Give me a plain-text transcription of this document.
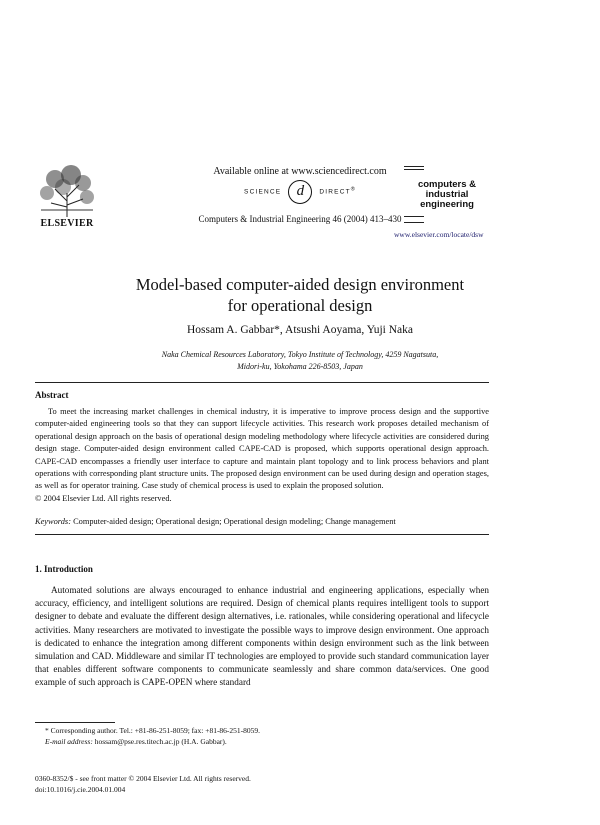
ELSEVIER
Available online at www.sciencedirect.com
SCIENCE d DIRECT®
Computers & Industrial Engineering 46 (2004) 413–430
computers &
industrial
engineering
www.elsevier.com/locate/dsw
Model-based computer-aided design environment
for operational design
Hossam A. Gabbar*, Atsushi Aoyama, Yuji Naka
Naka Chemical Resources Laboratory, Tokyo Institute of Technology, 4259 Nagatsuta,
Midori-ku, Yokohama 226-8503, Japan
Abstract
To meet the increasing market challenges in chemical industry, it is imperative to improve process design and the supportive computer-aided engineering tools so that they can support lifecycle activities. This research work proposes detailed mechanism of operational design approach on the basis of operational design modeling methodology where lifecycle activities are considered during design stage. Computer-aided design environment called CAPE-CAD is proposed, which supports operational design approach. CAPE-CAD encompasses a friendly user interface to capture and maintain plant topology and to link process behaviors and plant operations with corresponding plant structure units. The proposed design environment can be used during design and operation stages, as well as for operator training. Case study of chemical process is used to explain the proposed solution.
© 2004 Elsevier Ltd. All rights reserved.
Keywords: Computer-aided design; Operational design; Operational design modeling; Change management
1. Introduction
Automated solutions are always encouraged to enhance industrial and engineering applications, especially when accuracy, efficiency, and intelligent solutions are required. Design of chemical plants requires intelligent tools to support designer to debate and evaluate the different design alternatives, i.e. rationales, while considering operational and lifecycle activities. Many researchers are motivated to investigate the possible ways to improve design environment. One approach is dedicated to enhance the integration among different components within design environment such as the link between simulation and CAD. Middleware and similar IT technologies are employed to provide such standard communication layer that enables different software components to communicate seamlessly and share common data/services. One good example of such approach is CAPE-OPEN where standard
* Corresponding author. Tel.: +81-86-251-8059; fax: +81-86-251-8059.
E-mail address: hossam@pse.res.titech.ac.jp (H.A. Gabbar).
0360-8352/$ - see front matter © 2004 Elsevier Ltd. All rights reserved.
doi:10.1016/j.cie.2004.01.004
